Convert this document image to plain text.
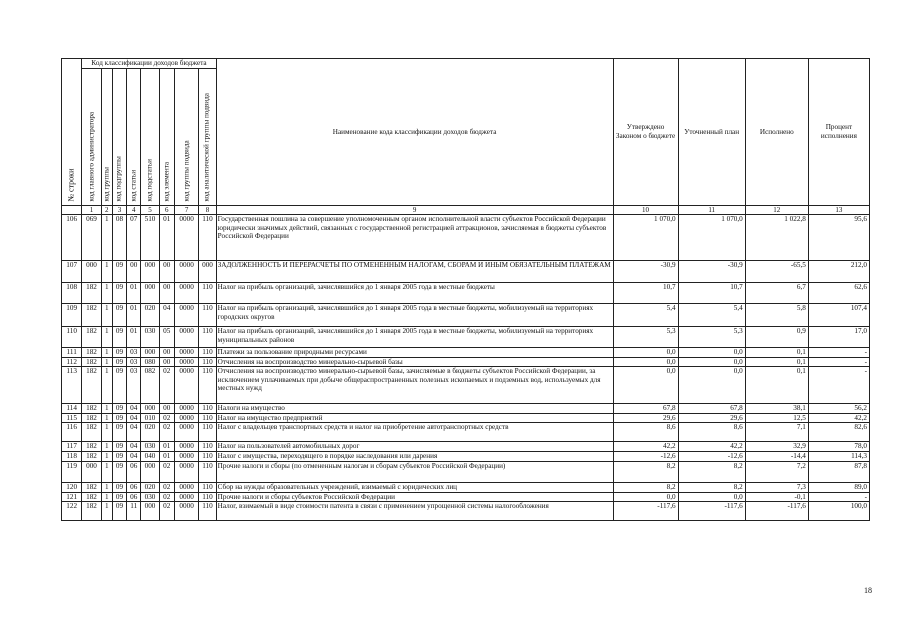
№ строки	Код классификации доходов бюджета								Наименование кода классификации доходов бюджета	Утверждено Законом о бюджете	Уточненный план	Исполнено	Процент исполнения

	код главного администратора	код группы	код подгруппы	код статьи	код подстатьи	код элемента	код группы подвида	код аналитической группы подвида					

	1	2	3	4	5	6	7	8	9	10	11	12	13
106	069	1	08	07	510	01	0000	110	Государственная пошлина за совершение уполномоченным органом исполнительной власти субъектов Российской Федерации юридически значимых действий, связанных с государственной регистрацией аттракционов, зачисляемая в бюджеты субъектов Российской Федерации	1 070,0	1 070,0	1 022,8	95,6
107	000	1	09	00	000	00	0000	000	ЗАДОЛЖЕННОСТЬ И ПЕРЕРАСЧЕТЫ ПО ОТМЕНЕННЫМ НАЛОГАМ, СБОРАМ И ИНЫМ ОБЯЗАТЕЛЬНЫМ ПЛАТЕЖАМ	-30,9	-30,9	-65,5	212,0
108	182	1	09	01	000	00	0000	110	Налог на прибыль организаций, зачислявшийся до 1 января 2005 года в местные бюджеты	10,7	10,7	6,7	62,6
109	182	1	09	01	020	04	0000	110	Налог на прибыль организаций, зачислявшийся до 1 января 2005 года в местные бюджеты, мобилизуемый на территориях городских округов	5,4	5,4	5,8	107,4
110	182	1	09	01	030	05	0000	110	Налог на прибыль организаций, зачислявшийся до 1 января 2005 года в местные бюджеты, мобилизуемый на территориях муниципальных районов	5,3	5,3	0,9	17,0
111	182	1	09	03	000	00	0000	110	Платежи за пользование природными ресурсами	0,0	0,0	0,1	-
112	182	1	09	03	080	00	0000	110	Отчисления на воспроизводство минерально-сырьевой базы	0,0	0,0	0,1	-
113	182	1	09	03	082	02	0000	110	Отчисления на воспроизводство минерально-сырьевой базы, зачисляемые в бюджеты субъектов Российской Федерации, за исключением уплачиваемых при добыче общераспространенных полезных ископаемых и подземных вод, используемых для местных нужд	0,0	0,0	0,1	-
114	182	1	09	04	000	00	0000	110	Налоги на имущество	67,8	67,8	38,1	56,2
115	182	1	09	04	010	02	0000	110	Налог на имущество предприятий	29,6	29,6	12,5	42,2
116	182	1	09	04	020	02	0000	110	Налог с владельцев транспортных средств и налог на приобретение автотранспортных средств	8,6	8,6	7,1	82,6
117	182	1	09	04	030	01	0000	110	Налог на пользователей автомобильных дорог	42,2	42,2	32,9	78,0
118	182	1	09	04	040	01	0000	110	Налог с имущества, переходящего в порядке наследования или дарения	-12,6	-12,6	-14,4	114,3
119	000	1	09	06	000	02	0000	110	Прочие налоги и сборы (по отмененным налогам и сборам субъектов Российской Федерации)	8,2	8,2	7,2	87,8
120	182	1	09	06	020	02	0000	110	Сбор на нужды образовательных учреждений, взимаемый с юридических лиц	8,2	8,2	7,3	89,0
121	182	1	09	06	030	02	0000	110	Прочие налоги и сборы субъектов Российской Федерации	0,0	0,0	-0,1	-
122	182	1	09	11	000	02	0000	110	Налог, взимаемый в виде стоимости патента в связи с применением упрощенной системы налогообложения	-117,6	-117,6	-117,6	100,0
18
